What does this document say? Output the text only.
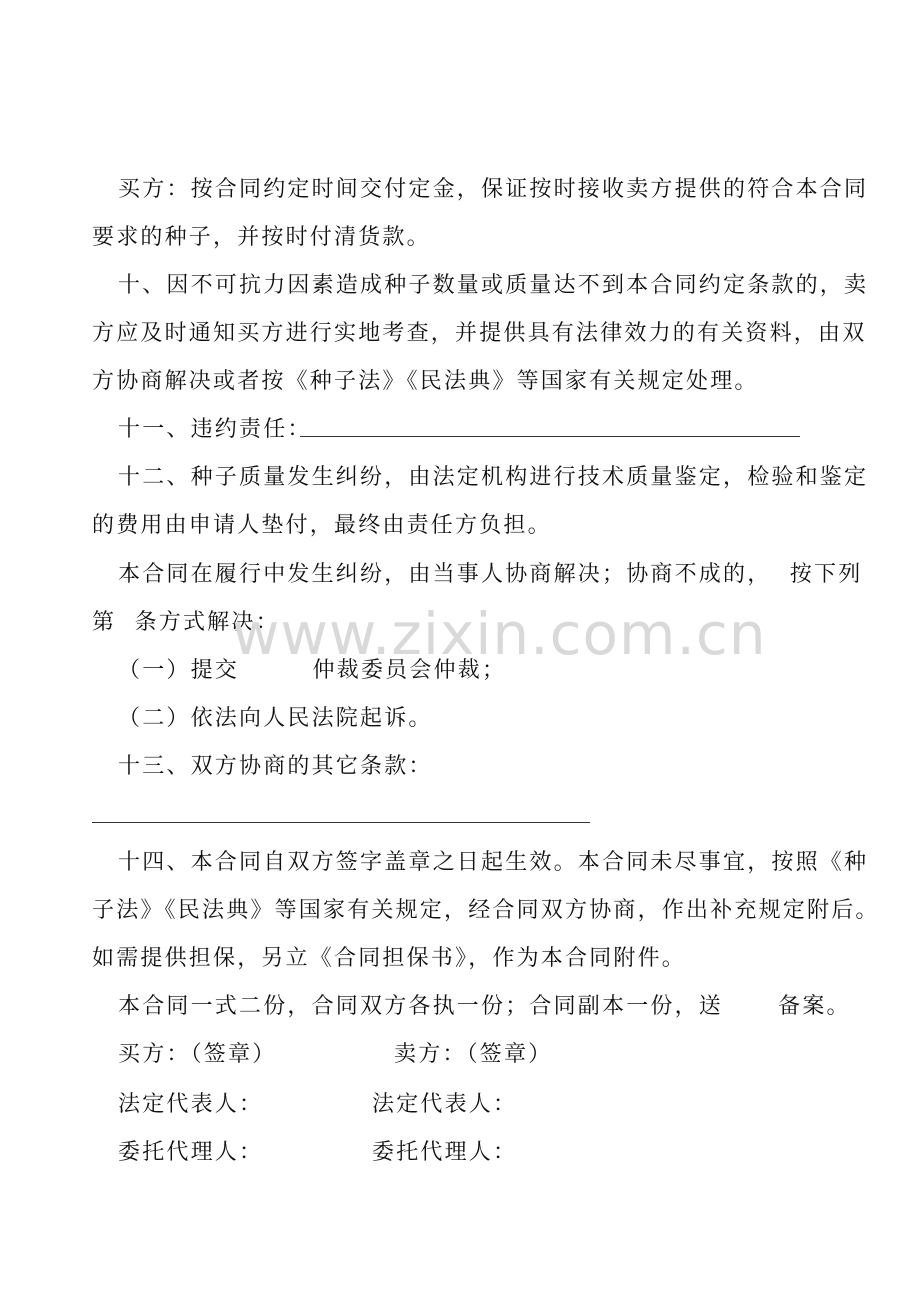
买方：按合同约定时间交付定金，保证按时接收卖方提供的符合本合同
要求的种子，并按时付清货款。
十、因不可抗力因素造成种子数量或质量达不到本合同约定条款的，卖
方应及时通知买方进行实地考查，并提供具有法律效力的有关资料，由双
方协商解决或者按《种子法》《民法典》等国家有关规定处理。
十一、违约责任：
十二、种子质量发生纠纷，由法定机构进行技术质量鉴定，检验和鉴定
的费用由申请人垫付，最终由责任方负担。
本合同在履行中发生纠纷，由当事人协商解决；协商不成的，  按下列
第  条方式解决：
（一）提交        仲裁委员会仲裁；
（二）依法向人民法院起诉。
十三、双方协商的其它条款：
十四、本合同自双方签字盖章之日起生效。本合同未尽事宜，按照《种
子法》《民法典》等国家有关规定，经合同双方协商，作出补充规定附后。
如需提供担保，另立《合同担保书》，作为本合同附件。
本合同一式二份，合同双方各执一份；合同副本一份，送      备案。
买方：（签章）	卖方：（签章）
法定代表人：	法定代表人：
委托代理人：	委托代理人：
www.zixin.com.cn
